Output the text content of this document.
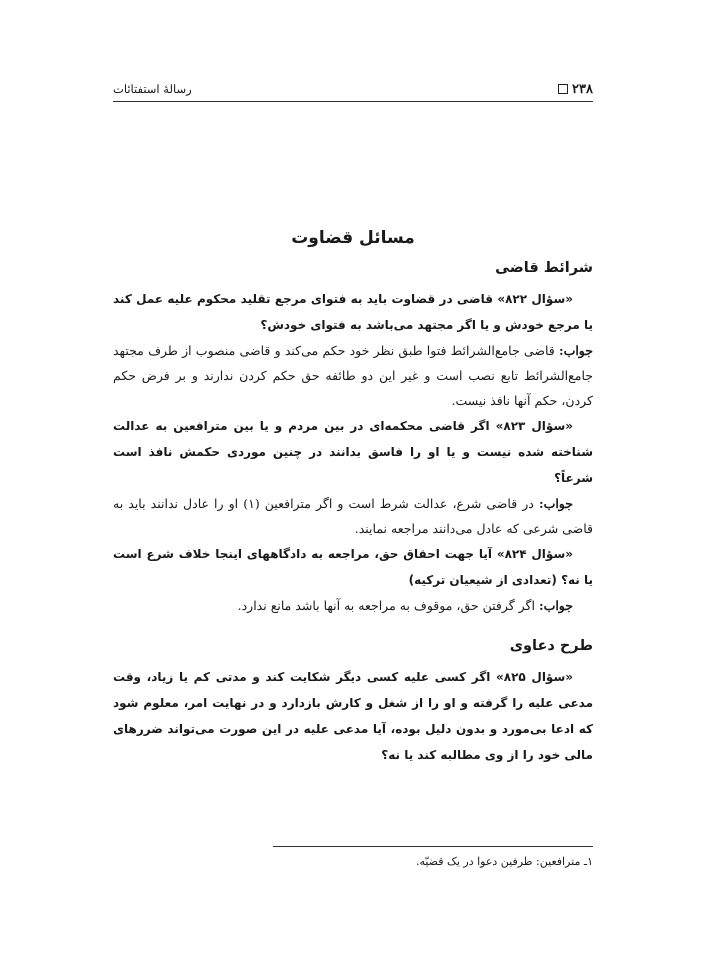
۲۳۸
رسالهٔ استفتائات
مسائل قضاوت
شرائط قاضی

«سؤال ۸۲۲» قاضی در قضاوت باید به فتوای مرجع تقلید محکوم علیه عمل کند یا مرجع خودش و یا اگر مجتهد می‌باشد به فتوای خودش؟

جواب: قاضی جامع‌الشرائط فتوا طبق نظر خود حکم می‌کند و قاضی منصوب از طرف مجتهد جامع‌الشرائط تابع نصب است و غیر این دو طائفه حق حکم کردن ندارند و بر فرض حکم کردن، حکم آنها نافذ نیست.

«سؤال ۸۲۳» اگر قاضی محکمه‌ای در بین مردم و یا بین مترافعین به عدالت شناخته شده نیست و یا او را فاسق بدانند در چنین موردی حکمش نافذ است شرعاً؟

جواب: در قاضی شرع، عدالت شرط است و اگر مترافعین (۱) او را عادل ندانند باید به قاضی شرعی که عادل می‌دانند مراجعه نمایند.

«سؤال ۸۲۴» آیا جهت احقاق حق، مراجعه به دادگاههای اینجا خلاف شرع است یا نه؟ (تعدادی از شیعیان ترکیه)

جواب: اگر گرفتن حق، موقوف به مراجعه به آنها باشد مانع ندارد.

طرح دعاوی

«سؤال ۸۲۵» اگر کسی علیه کسی دیگر شکایت کند و مدتی کم یا زیاد، وقت مدعی علیه را گرفته و او را از شغل و کارش بازدارد و در نهایت امر، معلوم شود که ادعا بی‌مورد و بدون دلیل بوده، آیا مدعی علیه در این صورت می‌تواند ضررهای مالی خود را از وی مطالبه کند یا نه؟

۱ـ مترافعین: طرفین دعوا در یک قضیّه.
